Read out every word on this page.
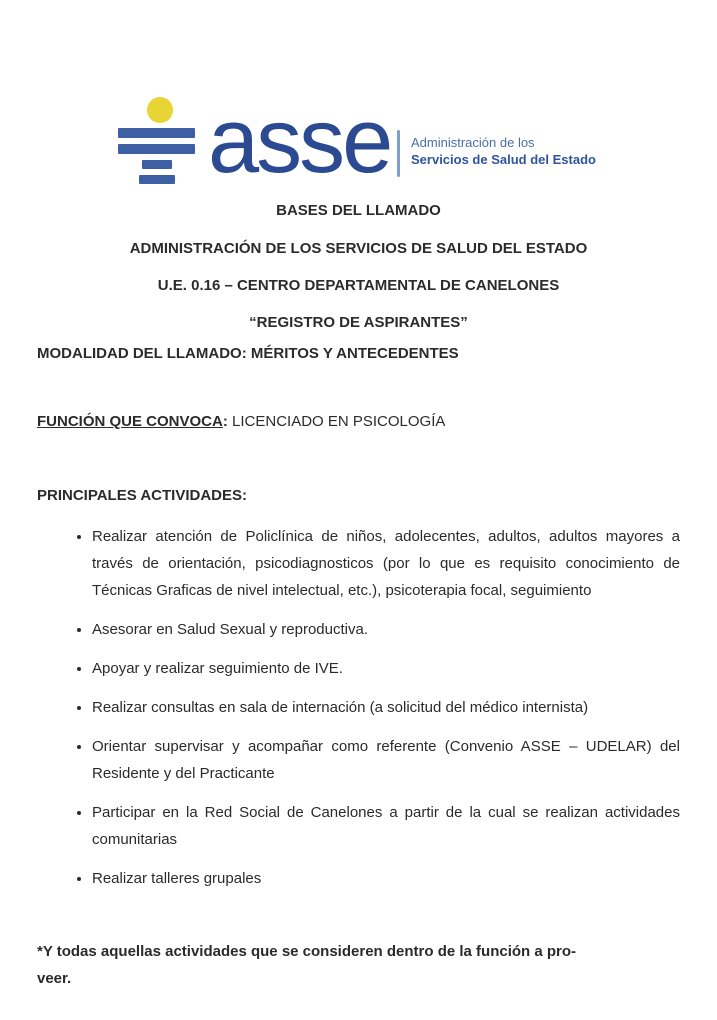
asse Administración de los
Servicios de Salud del Estado
BASES DEL LLAMADO
ADMINISTRACIÓN DE LOS SERVICIOS DE SALUD DEL ESTADO
U.E. 0.16 – CENTRO DEPARTAMENTAL DE CANELONES
“REGISTRO DE ASPIRANTES”
MODALIDAD DEL LLAMADO: MÉRITOS Y ANTECEDENTES
FUNCIÓN QUE CONVOCA: LICENCIADO EN PSICOLOGÍA
PRINCIPALES ACTIVIDADES:
• Realizar atención de Policlínica de niños, adolecentes, adultos, adultos mayores a través de orientación, psicodiagnosticos (por lo que es requisito conocimiento de Técnicas Graficas de nivel intelectual, etc.), psicoterapia focal, seguimiento
• Asesorar en Salud Sexual y reproductiva.
• Apoyar y realizar seguimiento de IVE.
• Realizar consultas en sala de internación (a solicitud del médico internista)
• Orientar supervisar y acompañar como referente (Convenio ASSE – UDELAR) del Residente y del Practicante
• Participar en la Red Social de Canelones a partir de la cual se realizan actividades comunitarias
• Realizar talleres grupales
*Y todas aquellas actividades que se consideren dentro de la función a pro-
veer.
